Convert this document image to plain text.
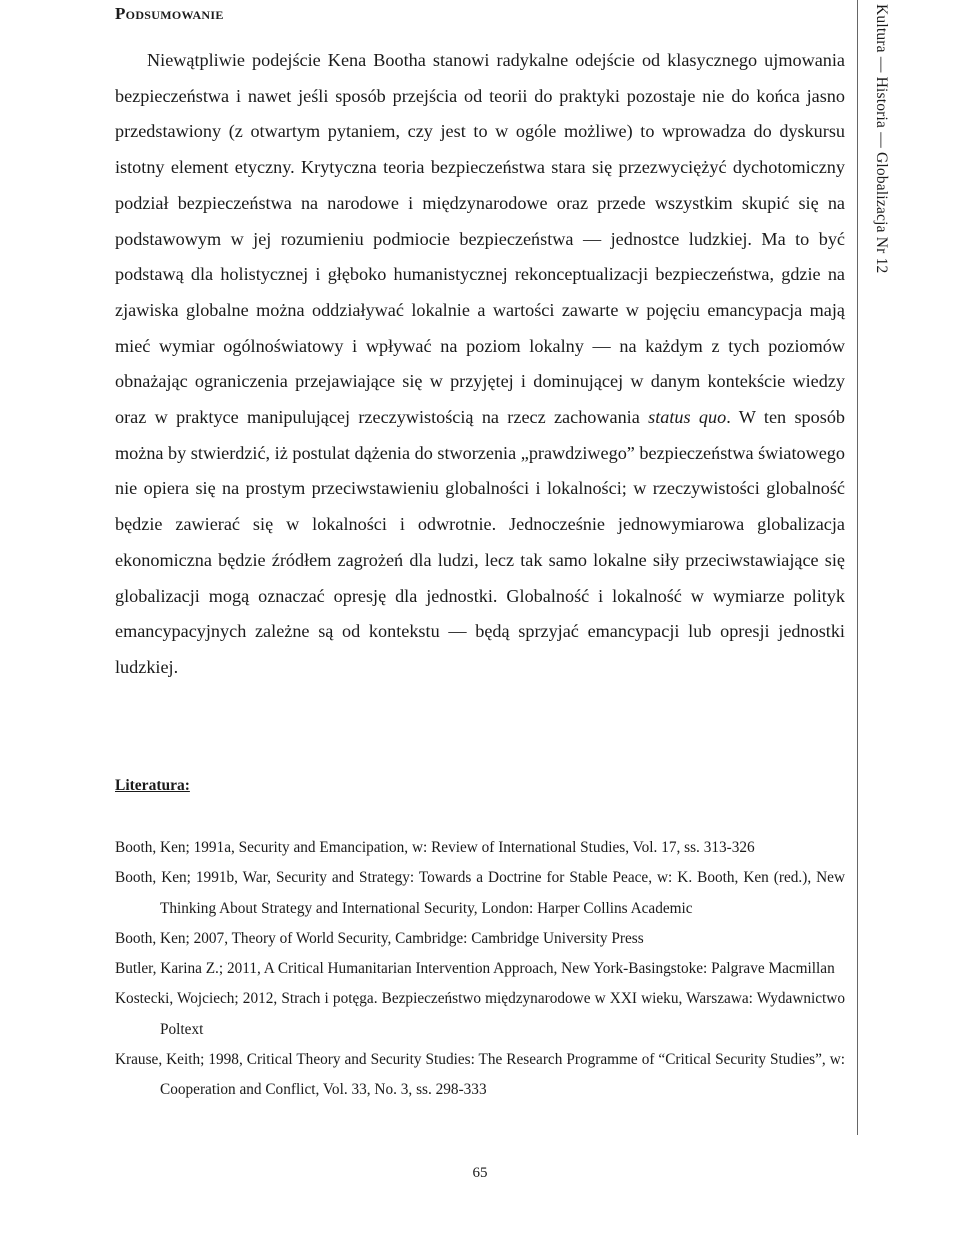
Podsumowanie

Niewątpliwie podejście Kena Bootha stanowi radykalne odejście od klasycznego ujmowania bezpieczeństwa i nawet jeśli sposób przejścia od teorii do praktyki pozostaje nie do końca jasno przedstawiony (z otwartym pytaniem, czy jest to w ogóle możliwe) to wprowadza do dyskursu istotny element etyczny. Krytyczna teoria bezpieczeństwa stara się przezwyciężyć dychotomiczny podział bezpieczeństwa na narodowe i międzynarodowe oraz przede wszystkim skupić się na podstawowym w jej rozumieniu podmiocie bezpieczeństwa — jednostce ludzkiej. Ma to być podstawą dla holistycznej i głęboko humanistycznej rekonceptualizacji bezpieczeństwa, gdzie na zjawiska globalne można oddziaływać lokalnie a wartości zawarte w pojęciu emancypacja mają mieć wymiar ogólnoświatowy i wpływać na poziom lokalny — na każdym z tych poziomów obnażając ograniczenia przejawiające się w przyjętej i dominującej w danym kontekście wiedzy oraz w praktyce manipulującej rzeczywistością na rzecz zachowania status quo. W ten sposób można by stwierdzić, iż postulat dążenia do stworzenia „prawdziwego” bezpieczeństwa światowego nie opiera się na prostym przeciwstawieniu globalności i lokalności; w rzeczywistości globalność będzie zawierać się w lokalności i odwrotnie. Jednocześnie jednowymiarowa globalizacja ekonomiczna będzie źródłem zagrożeń dla ludzi, lecz tak samo lokalne siły przeciwstawiające się globalizacji mogą oznaczać opresję dla jednostki. Globalność i lokalność w wymiarze polityk emancypacyjnych zależne są od kontekstu — będą sprzyjać emancypacji lub opresji jednostki ludzkiej.

Literatura:
Booth, Ken; 1991a, Security and Emancipation, w: Review of International Studies, Vol. 17, ss. 313-326
Booth, Ken; 1991b, War, Security and Strategy: Towards a Doctrine for Stable Peace, w: K. Booth, Ken (red.), New Thinking About Strategy and International Security, London: Harper Collins Academic
Booth, Ken; 2007, Theory of World Security, Cambridge: Cambridge University Press
Butler, Karina Z.; 2011, A Critical Humanitarian Intervention Approach, New York-Basingstoke: Palgrave Macmillan
Kostecki, Wojciech; 2012, Strach i potęga. Bezpieczeństwo międzynarodowe w XXI wieku, Warszawa: Wydawnictwo Poltext
Krause, Keith; 1998, Critical Theory and Security Studies: The Research Programme of “Critical Security Studies”, w: Cooperation and Conflict, Vol. 33, No. 3, ss. 298-333

65

Kultura — Historia — Globalizacja Nr 12
